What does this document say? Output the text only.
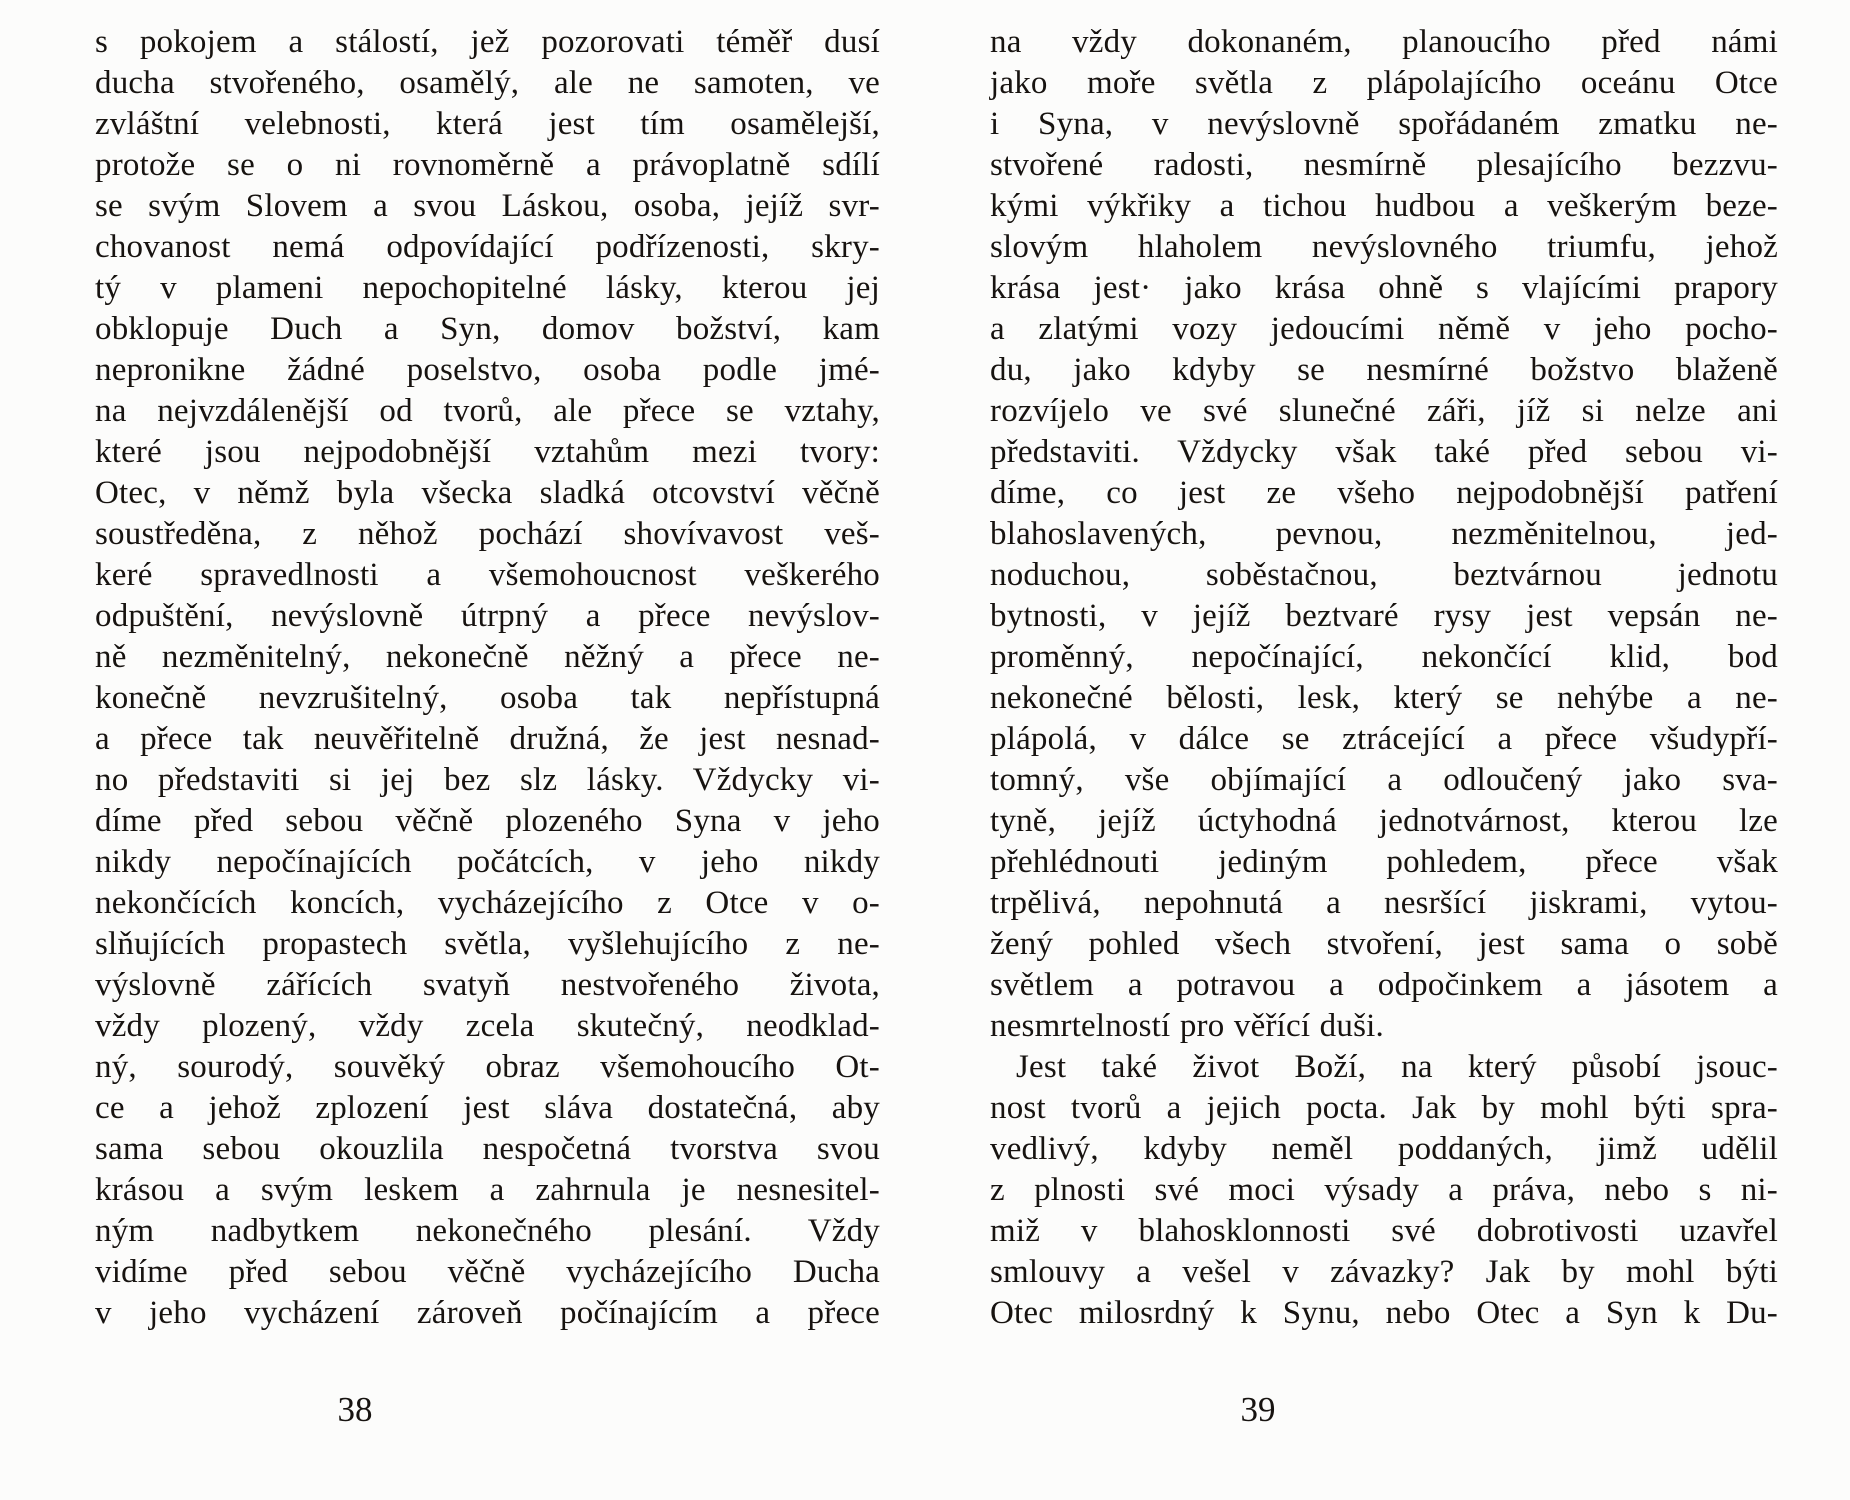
s pokojem a stálostí, jež pozorovati téměř dusí
ducha stvořeného, osamělý, ale ne samoten, ve
zvláštní velebnosti, která jest tím osamělejší,
protože se o ni rovnoměrně a právoplatně sdílí
se svým Slovem a svou Láskou, osoba, jejíž svr-
chovanost nemá odpovídající podřízenosti, skry-
tý v plameni nepochopitelné lásky, kterou jej
obklopuje Duch a Syn, domov božství, kam
nepronikne žádné poselstvo, osoba podle jmé-
na nejvzdálenější od tvorů, ale přece se vztahy,
které jsou nejpodobnější vztahům mezi tvory:
Otec, v němž byla všecka sladká otcovství věčně
soustředěna, z něhož pochází shovívavost veš-
keré spravedlnosti a všemohoucnost veškerého
odpuštění, nevýslovně útrpný a přece nevýslov-
ně nezměnitelný, nekonečně něžný a přece ne-
konečně nevzrušitelný, osoba tak nepřístupná
a přece tak neuvěřitelně družná, že jest nesnad-
no představiti si jej bez slz lásky. Vždycky vi-
díme před sebou věčně plozeného Syna v jeho
nikdy nepočínajících počátcích, v jeho nikdy
nekončících koncích, vycházejícího z Otce v o-
slňujících propastech světla, vyšlehujícího z ne-
výslovně zářících svatyň nestvořeného života,
vždy plozený, vždy zcela skutečný, neodklad-
ný, sourodý, souvěký obraz všemohoucího Ot-
ce a jehož zplození jest sláva dostatečná, aby
sama sebou okouzlila nespočetná tvorstva svou
krásou a svým leskem a zahrnula je nesnesitel-
ným nadbytkem nekonečného plesání. Vždy
vidíme před sebou věčně vycházejícího Ducha
v jeho vycházení zároveň počínajícím a přece
na vždy dokonaném, planoucího před námi
jako moře světla z plápolajícího oceánu Otce
i Syna, v nevýslovně spořádaném zmatku ne-
stvořené radosti, nesmírně plesajícího bezzvu-
kými výkřiky a tichou hudbou a veškerým beze-
slovým hlaholem nevýslovného triumfu, jehož
krása jest· jako krása ohně s vlajícími prapory
a zlatými vozy jedoucími němě v jeho pocho-
du, jako kdyby se nesmírné božstvo blaženě
rozvíjelo ve své slunečné záři, jíž si nelze ani
představiti. Vždycky však také před sebou vi-
díme, co jest ze všeho nejpodobnější patření
blahoslavených, pevnou, nezměnitelnou, jed-
noduchou, soběstačnou, beztvárnou jednotu
bytnosti, v jejíž beztvaré rysy jest vepsán ne-
proměnný, nepočínající, nekončící klid, bod
nekonečné bělosti, lesk, který se nehýbe a ne-
plápolá, v dálce se ztrácející a přece všudypří-
tomný, vše objímající a odloučený jako sva-
tyně, jejíž úctyhodná jednotvárnost, kterou lze
přehlédnouti jediným pohledem, přece však
trpělivá, nepohnutá a nesršící jiskrami, vytou-
žený pohled všech stvoření, jest sama o sobě
světlem a potravou a odpočinkem a jásotem a
nesmrtelností pro věřící duši.
Jest také život Boží, na který působí jsouc-
nost tvorů a jejich pocta. Jak by mohl býti spra-
vedlivý, kdyby neměl poddaných, jimž udělil
z plnosti své moci výsady a práva, nebo s ni-
miž v blahosklonnosti své dobrotivosti uzavřel
smlouvy a vešel v závazky? Jak by mohl býti
Otec milosrdný k Synu, nebo Otec a Syn k Du-
38	39
